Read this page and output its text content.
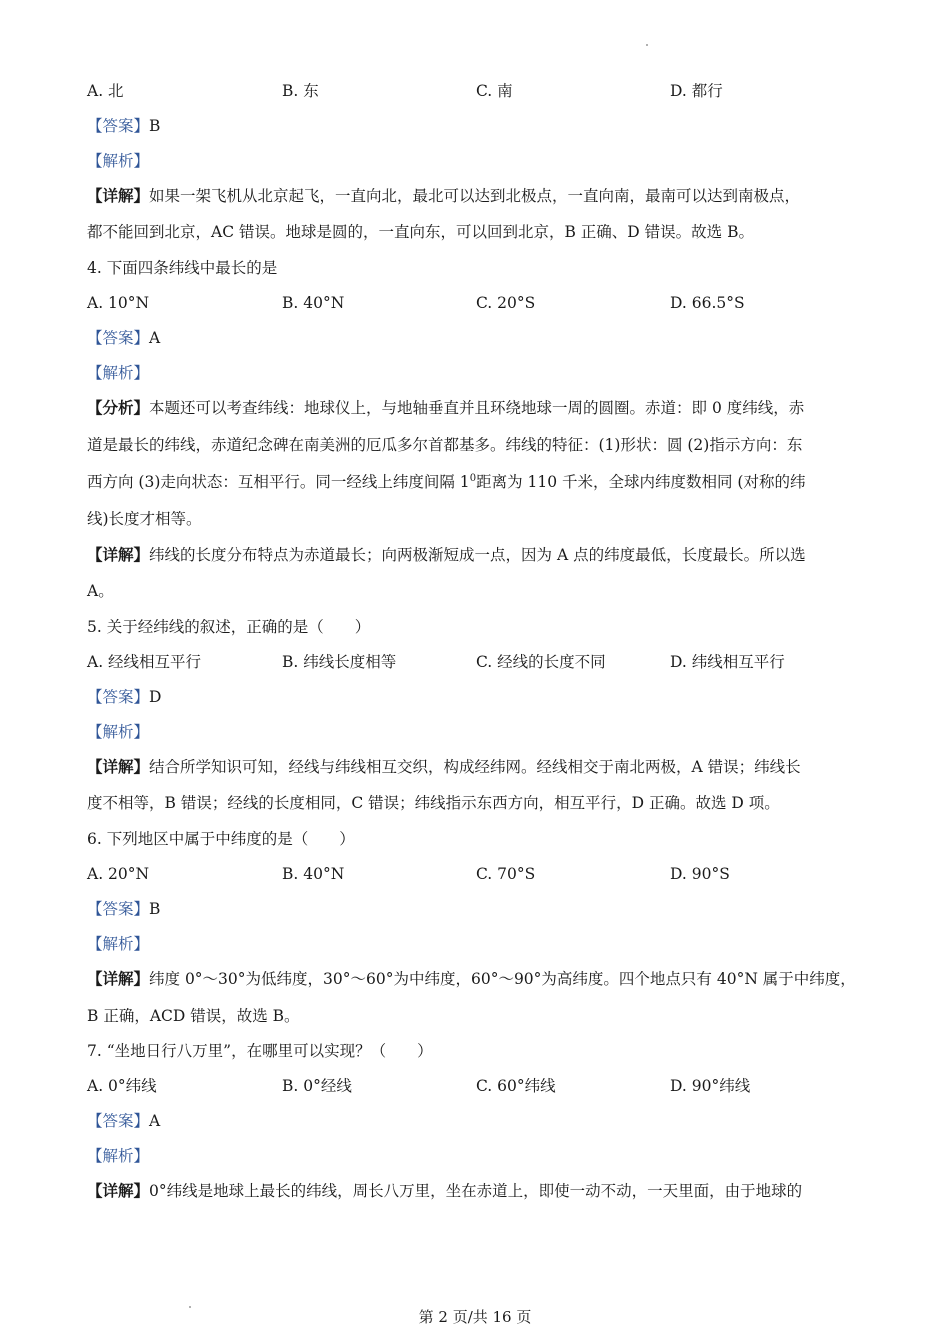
A. 北	B. 东	C. 南	D. 都行
【答案】B
【解析】
【详解】如果一架飞机从北京起飞，一直向北，最北可以达到北极点，一直向南，最南可以达到南极点，
都不能回到北京，AC 错误。地球是圆的，一直向东，可以回到北京，B 正确、D 错误。故选 B。
4. 下面四条纬线中最长的是
A. 10°N	B. 40°N	C. 20°S	D. 66.5°S
【答案】A
【解析】
【分析】本题还可以考查纬线：地球仪上，与地轴垂直并且环绕地球一周的圆圈。赤道：即 0 度纬线，赤
道是最长的纬线，赤道纪念碑在南美洲的厄瓜多尔首都基多。纬线的特征：(1)形状：圆 (2)指示方向：东
西方向 (3)走向状态：互相平行。同一经线上纬度间隔 $1^0$距离为 110 千米，全球内纬度数相同 (对称的纬
线)长度才相等。
【详解】纬线的长度分布特点为赤道最长；向两极渐短成一点，因为 A 点的纬度最低，长度最长。所以选
A。
5. 关于经纬线的叙述，正确的是（　　）
A. 经线相互平行	B. 纬线长度相等	C. 经线的长度不同	D. 纬线相互平行
【答案】D
【解析】
【详解】结合所学知识可知，经线与纬线相互交织，构成经纬网。经线相交于南北两极，A 错误；纬线长
度不相等，B 错误；经线的长度相同，C 错误；纬线指示东西方向，相互平行，D 正确。故选 D 项。
6. 下列地区中属于中纬度的是（　　）
A. 20°N	B. 40°N	C. 70°S	D. 90°S
【答案】B
【解析】
【详解】纬度 0°～30°为低纬度，30°～60°为中纬度，60°～90°为高纬度。四个地点只有 40°N 属于中纬度，
B 正确，ACD 错误，故选 B。
7. “坐地日行八万里”，在哪里可以实现？（　　）
A. 0°纬线	B. 0°经线	C. 60°纬线	D. 90°纬线
【答案】A
【解析】
【详解】0°纬线是地球上最长的纬线，周长八万里，坐在赤道上，即使一动不动，一天里面，由于地球的
第 2 页/共 16 页
